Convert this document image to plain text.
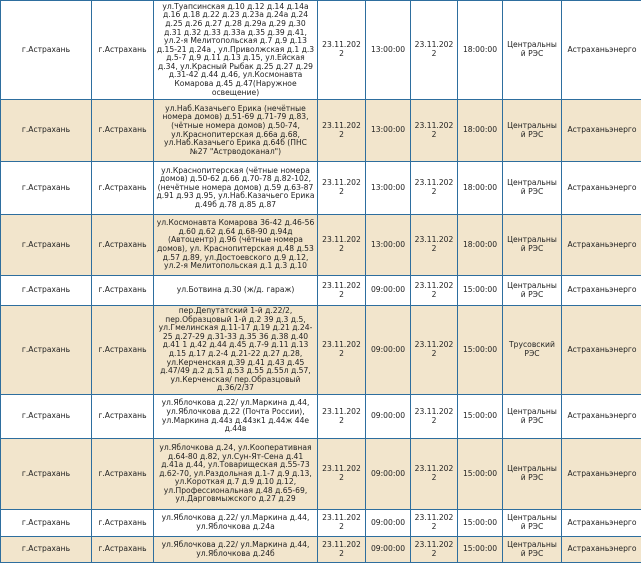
г.Астрахань	г.Астрахань	ул.Туапсинская д.10 д.12 д.14 д.14а д.16 д.18 д.22 д.23 д.23а д.24а д.24 д.25 д.26 д.27 д.28 д.29а д.29 д.30 д.31 д.32 д.33 д.33а д.35 д.39 д.41, ул.2-я Мелитопольская д.7 д.9 д.13 д.15-21 д.24а , ул.Приволжская д.1 д.3 д.5-7 д.9 д.11 д.13 д.15, ул.Ейская д.34, ул.Красный Рыбак д.25 д.27 д.29 д.31-42 д.44 д.46, ул.Космонавта Комарова д.45 д.47(Наружное освещение)	23.11.2022	13:00:00	23.11.2022	18:00:00	Центральный РЭС	Астраханьэнерго
г.Астрахань	г.Астрахань	ул.Наб.Казачьего Ерика (нечётные номера домов) д.51-69 д.71-79 д.83, (чётные номера домов) д.50-74, ул.Краснопитерская д.66а д.68, ул.Наб.Казачьего Ерика д.64б (ПНС №27 "Астрводоканал")	23.11.2022	13:00:00	23.11.2022	18:00:00	Центральный РЭС	Астраханьэнерго
г.Астрахань	г.Астрахань	ул.Краснопитерская (чётные номера домов) д.50-62 д.66 д.70-78 д.82-102, (нечётные номера домов) д.59 д.63-87 д.91 д.93 д.95, ул.Наб.Казачьего Ерика д.49б д.78 д.85 д.87	23.11.2022	13:00:00	23.11.2022	18:00:00	Центральный РЭС	Астраханьэнерго
г.Астрахань	г.Астрахань	ул.Космонавта Комарова 36-42 д.46-56 д.60 д.62 д.64 д.68-90 д.94д (Автоцентр) д.96 (чётные номера домов), ул. Краснопитерская д.48 д.53 д.57 д.89, ул.Достоевского д.9 д.12, ул.2-я Мелитопольская д.1 д.3 д.10	23.11.2022	13:00:00	23.11.2022	18:00:00	Центральный РЭС	Астраханьэнерго
г.Астрахань	г.Астрахань	ул.Ботвина д.30 (ж/д. гараж)	23.11.2022	09:00:00	23.11.2022	15:00:00	Центральный РЭС	Астраханьэнерго
г.Астрахань	г.Астрахань	пер.Депутатский 1-й д.22/2, пер.Образцовый 1-й д.2 39 д.3 д.5, ул.Гмелинская д.11-17 д.19 д.21 д.24-25 д.27-29 д.31-33 д.35 36 д.38 д.40 д.41 1 д.42 д.44 д.45 д.7-9 д.11 д.13 д.15 д.17 д.2-4 д.21-22 д.27 д.28, ул.Керченская д.39 д.41 д.43 д.45 д.47/49 д.2 д.51 д.53 д.55 д.55л д.57, ул.Керченская/ пер.Образцовый д.36/2/37	23.11.2022	09:00:00	23.11.2022	15:00:00	Трусовский РЭС	Астраханьэнерго
г.Астрахань	г.Астрахань	ул.Яблочкова д.22/ ул.Маркина д.44, ул.Яблочкова д.22 (Почта России), ул.Маркина д.44з д.44зк1 д.44ж 44е д.44в	23.11.2022	09:00:00	23.11.2022	15:00:00	Центральный РЭС	Астраханьэнерго
г.Астрахань	г.Астрахань	ул.Яблочкова д.24, ул.Кооперативная д.64-80 д.82, ул.Сун-Ят-Сена д.41 д.41а д.44, ул.Товарищеская д.55-73 д.62-70, ул.Раздольная д.1-7 д.9 д.13, ул.Короткая д.7 д.9 д.10 д.12, ул.Профессиональная д.48 д.65-69, ул.Дарговмыжского д.27 д.29	23.11.2022	09:00:00	23.11.2022	15:00:00	Центральный РЭС	Астраханьэнерго
г.Астрахань	г.Астрахань	ул.Яблочкова д.22/ ул.Маркина д.44, ул.Яблочкова д.24а	23.11.2022	09:00:00	23.11.2022	15:00:00	Центральный РЭС	Астраханьэнерго
г.Астрахань	г.Астрахань	ул.Яблочкова д.22/ ул.Маркина д.44, ул.Яблочкова д.24б	23.11.2022	09:00:00	23.11.2022	15:00:00	Центральный РЭС	Астраханьэнерго
